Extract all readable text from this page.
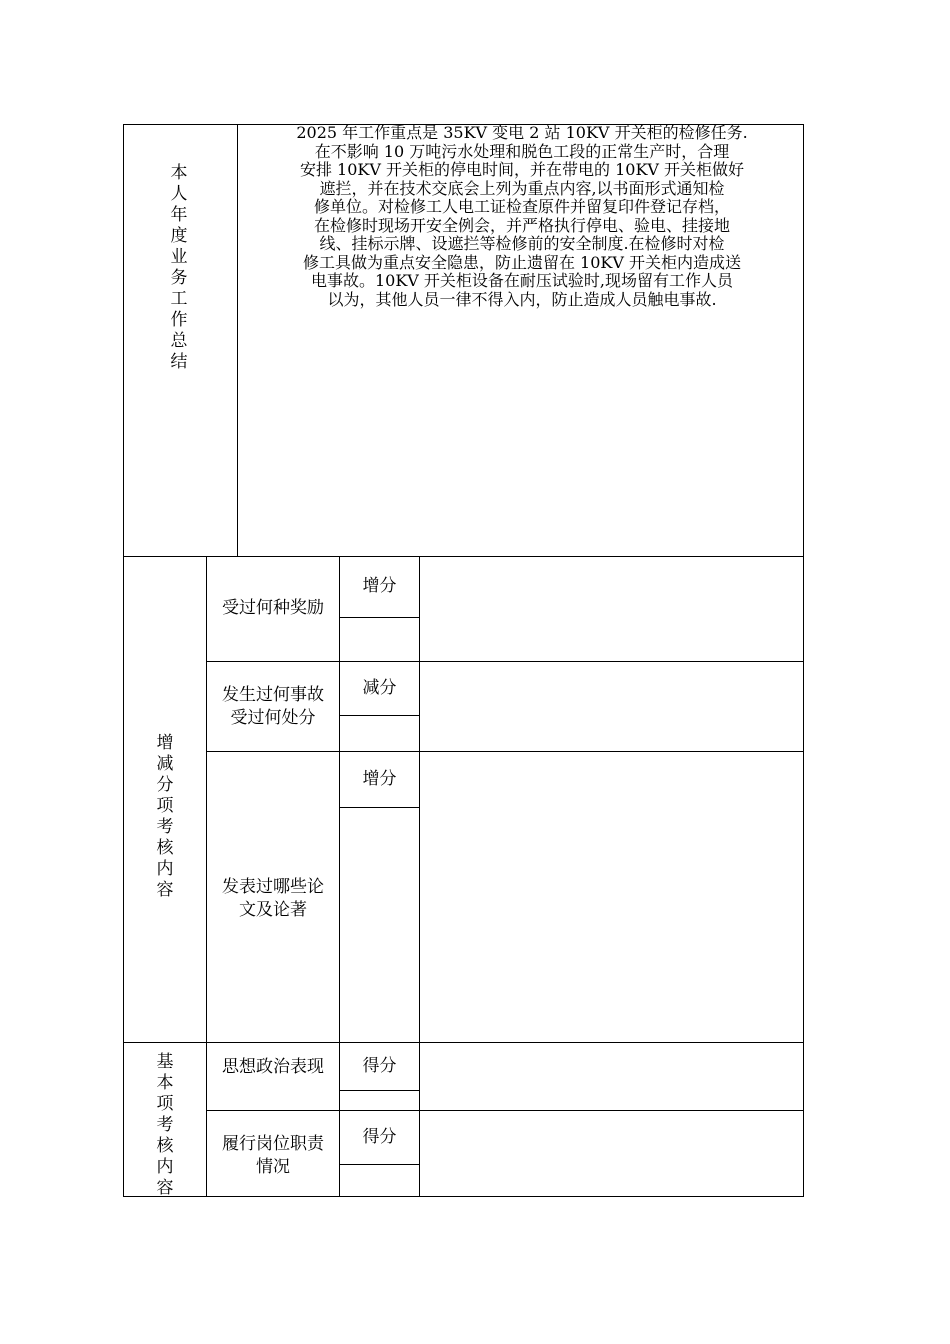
本人年度业务工作总结
2025 年工作重点是 35KV 变电 2 站 10KV 开关柜的检修任务.
在不影响 10 万吨污水处理和脱色工段的正常生产时，合理
安排 10KV 开关柜的停电时间，并在带电的 10KV 开关柜做好
遮拦，并在技术交底会上列为重点内容,以书面形式通知检
修单位。对检修工人电工证检查原件并留复印件登记存档，
在检修时现场开安全例会，并严格执行停电、验电、挂接地
线、挂标示牌、设遮拦等检修前的安全制度.在检修时对检
修工具做为重点安全隐患，防止遗留在 10KV 开关柜内造成送
电事故。10KV 开关柜设备在耐压试验时,现场留有工作人员
以为，其他人员一律不得入内，防止造成人员触电事故.
增减分项考核内容
受过何种奖励
增分
发生过何事故受过何处分
减分
发表过哪些论文及论著
增分
基本项考核内容
思想政治表现	得分
履行岗位职责情况
得分
